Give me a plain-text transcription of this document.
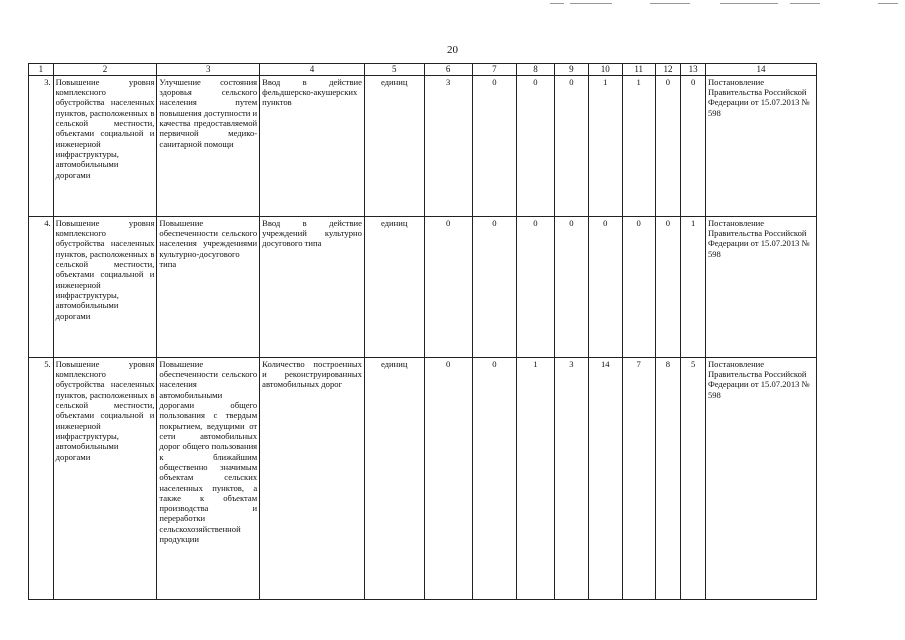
20
1	2	3	4	5	6	7	8	9	10	11	12	13	14
3.	Повышение уровня комплексного обустройства населенных пунктов, расположенных в сельской местности, объектами социальной и инженерной инфраструктуры, автомобильными дорогами	Улучшение состояния здоровья сельского населения путем повышения доступности и качества предоставляемой первичной медико-санитарной помощи	Ввод в действие фельдшерско-акушерских пунктов	единиц	3	0	0	0	1	1	0	0	Постановление Правительства Российской Федерации от 15.07.2013 № 598
4.	Повышение уровня комплексного обустройства населенных пунктов, расположенных в сельской местности, объектами социальной и инженерной инфраструктуры, автомобильными дорогами	Повышение обеспеченности сельского населения учреждениями культурно-досугового типа	Ввод в действие учреждений культурно досугового типа	единиц	0	0	0	0	0	0	0	1	Постановление Правительства Российской Федерации от 15.07.2013 № 598
5.	Повышение уровня комплексного обустройства населенных пунктов, расположенных в сельской местности, объектами социальной и инженерной инфраструктуры, автомобильными дорогами	Повышение обеспеченности сельского населения автомобильными дорогами общего пользования с твердым покрытием, ведущими от сети автомобильных дорог общего пользования к ближайшим общественно значимым объектам сельских населенных пунктов, а также к объектам производства и переработки сельскохозяйственной продукции	Количество построенных и реконструированных автомобильных дорог	единиц	0	0	1	3	14	7	8	5	Постановление Правительства Российской Федерации от 15.07.2013 № 598
